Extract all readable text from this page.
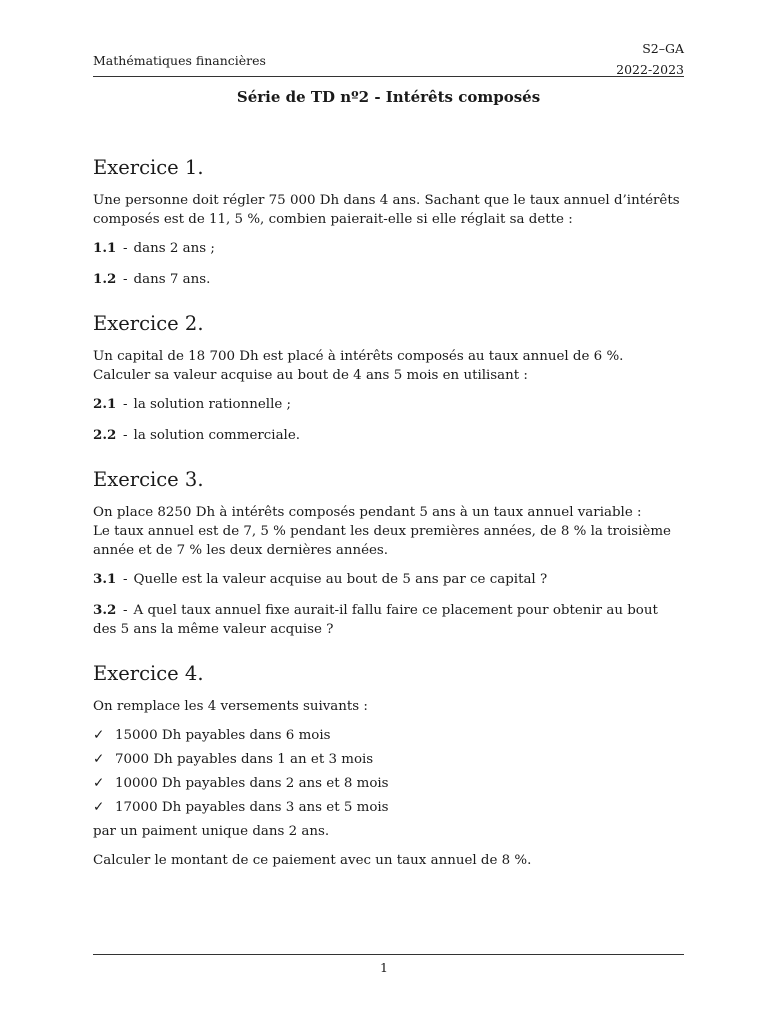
Mathématiques financières
S2–GA
2022-2023
Série de TD nº2 - Intérêts composés
Exercice 1.
Une personne doit régler 75 000 Dh dans 4 ans. Sachant que le taux annuel d’intérêts composés est de 11, 5 %, combien paierait-elle si elle réglait sa dette :
1.1 - dans 2 ans ;
1.2 - dans 7 ans.
Exercice 2.
Un capital de 18 700 Dh est placé à intérêts composés au taux annuel de 6 %. Calculer sa valeur acquise au bout de 4 ans 5 mois en utilisant :
2.1 - la solution rationnelle ;
2.2 - la solution commerciale.
Exercice 3.
On place 8250 Dh à intérêts composés pendant 5 ans à un taux annuel variable :
Le taux annuel est de 7, 5 % pendant les deux premières années, de 8 % la troisième année et de 7 % les deux dernières années.
3.1 - Quelle est la valeur acquise au bout de 5 ans par ce capital ?
3.2 - A quel taux annuel fixe aurait-il fallu faire ce placement pour obtenir au bout des 5 ans la même valeur acquise ?
Exercice 4.
On remplace les 4 versements suivants :
✓ 15000 Dh payables dans 6 mois
✓ 7000 Dh payables dans 1 an et 3 mois
✓ 10000 Dh payables dans 2 ans et 8 mois
✓ 17000 Dh payables dans 3 ans et 5 mois
par un paiment unique dans 2 ans.
Calculer le montant de ce paiement avec un taux annuel de 8 %.
1
